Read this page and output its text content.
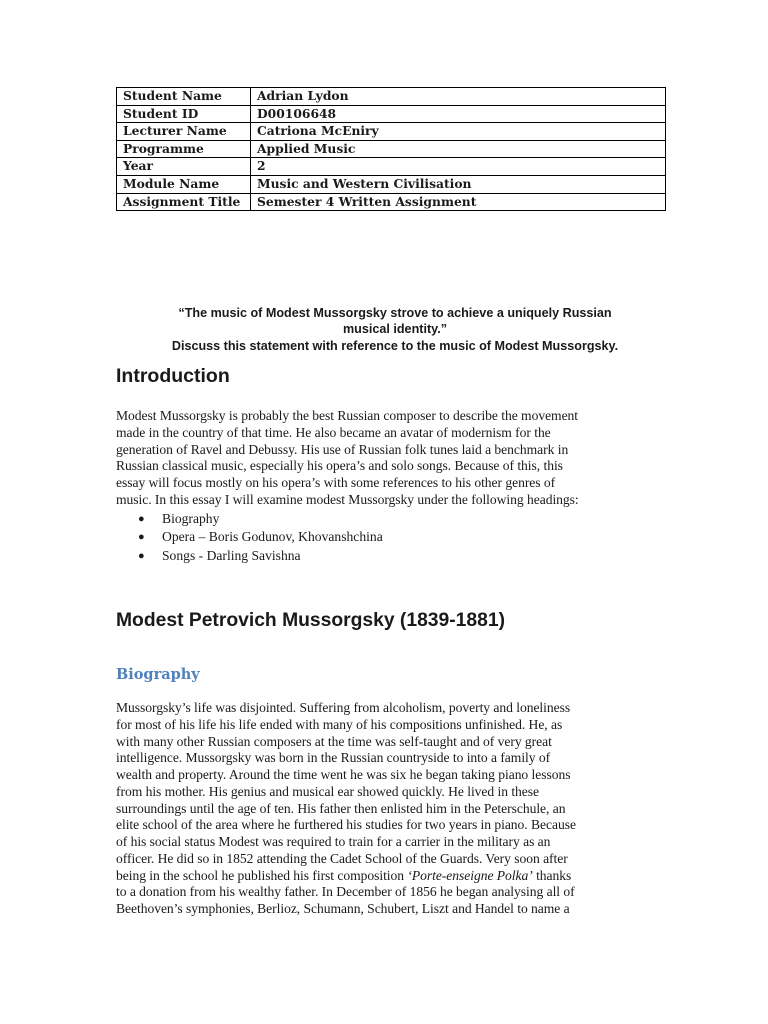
Student Name	Adrian Lydon
Student ID	D00106648
Lecturer Name	Catriona McEniry
Programme	Applied Music
Year	2
Module Name	Music and Western Civilisation
Assignment Title	Semester 4 Written Assignment
“The music of Modest Mussorgsky strove to achieve a uniquely Russian
musical identity.”
Discuss this statement with reference to the music of Modest Mussorgsky.
Introduction

Modest Mussorgsky is probably the best Russian composer to describe the movement
made in the country of that time. He also became an avatar of modernism for the
generation of Ravel and Debussy. His use of Russian folk tunes laid a benchmark in
Russian classical music, especially his opera’s and solo songs. Because of this, this
essay will focus mostly on his opera’s with some references to his other genres of
music. In this essay I will examine modest Mussorgsky under the following headings:

● Biography
● Opera – Boris Godunov, Khovanshchina
● Songs - Darling Savishna
Modest Petrovich Mussorgsky (1839-1881)
Biography

Mussorgsky’s life was disjointed. Suffering from alcoholism, poverty and loneliness
for most of his life his life ended with many of his compositions unfinished. He, as
with many other Russian composers at the time was self-taught and of very great
intelligence. Mussorgsky was born in the Russian countryside to into a family of
wealth and property. Around the time went he was six he began taking piano lessons
from his mother. His genius and musical ear showed quickly. He lived in these
surroundings until the age of ten. His father then enlisted him in the Peterschule, an
elite school of the area where he furthered his studies for two years in piano. Because
of his social status Modest was required to train for a carrier in the military as an
officer. He did so in 1852 attending the Cadet School of the Guards. Very soon after
being in the school he published his first composition ‘Porte-enseigne Polka’ thanks
to a donation from his wealthy father. In December of 1856 he began analysing all of
Beethoven’s symphonies, Berlioz, Schumann, Schubert, Liszt and Handel to name a
